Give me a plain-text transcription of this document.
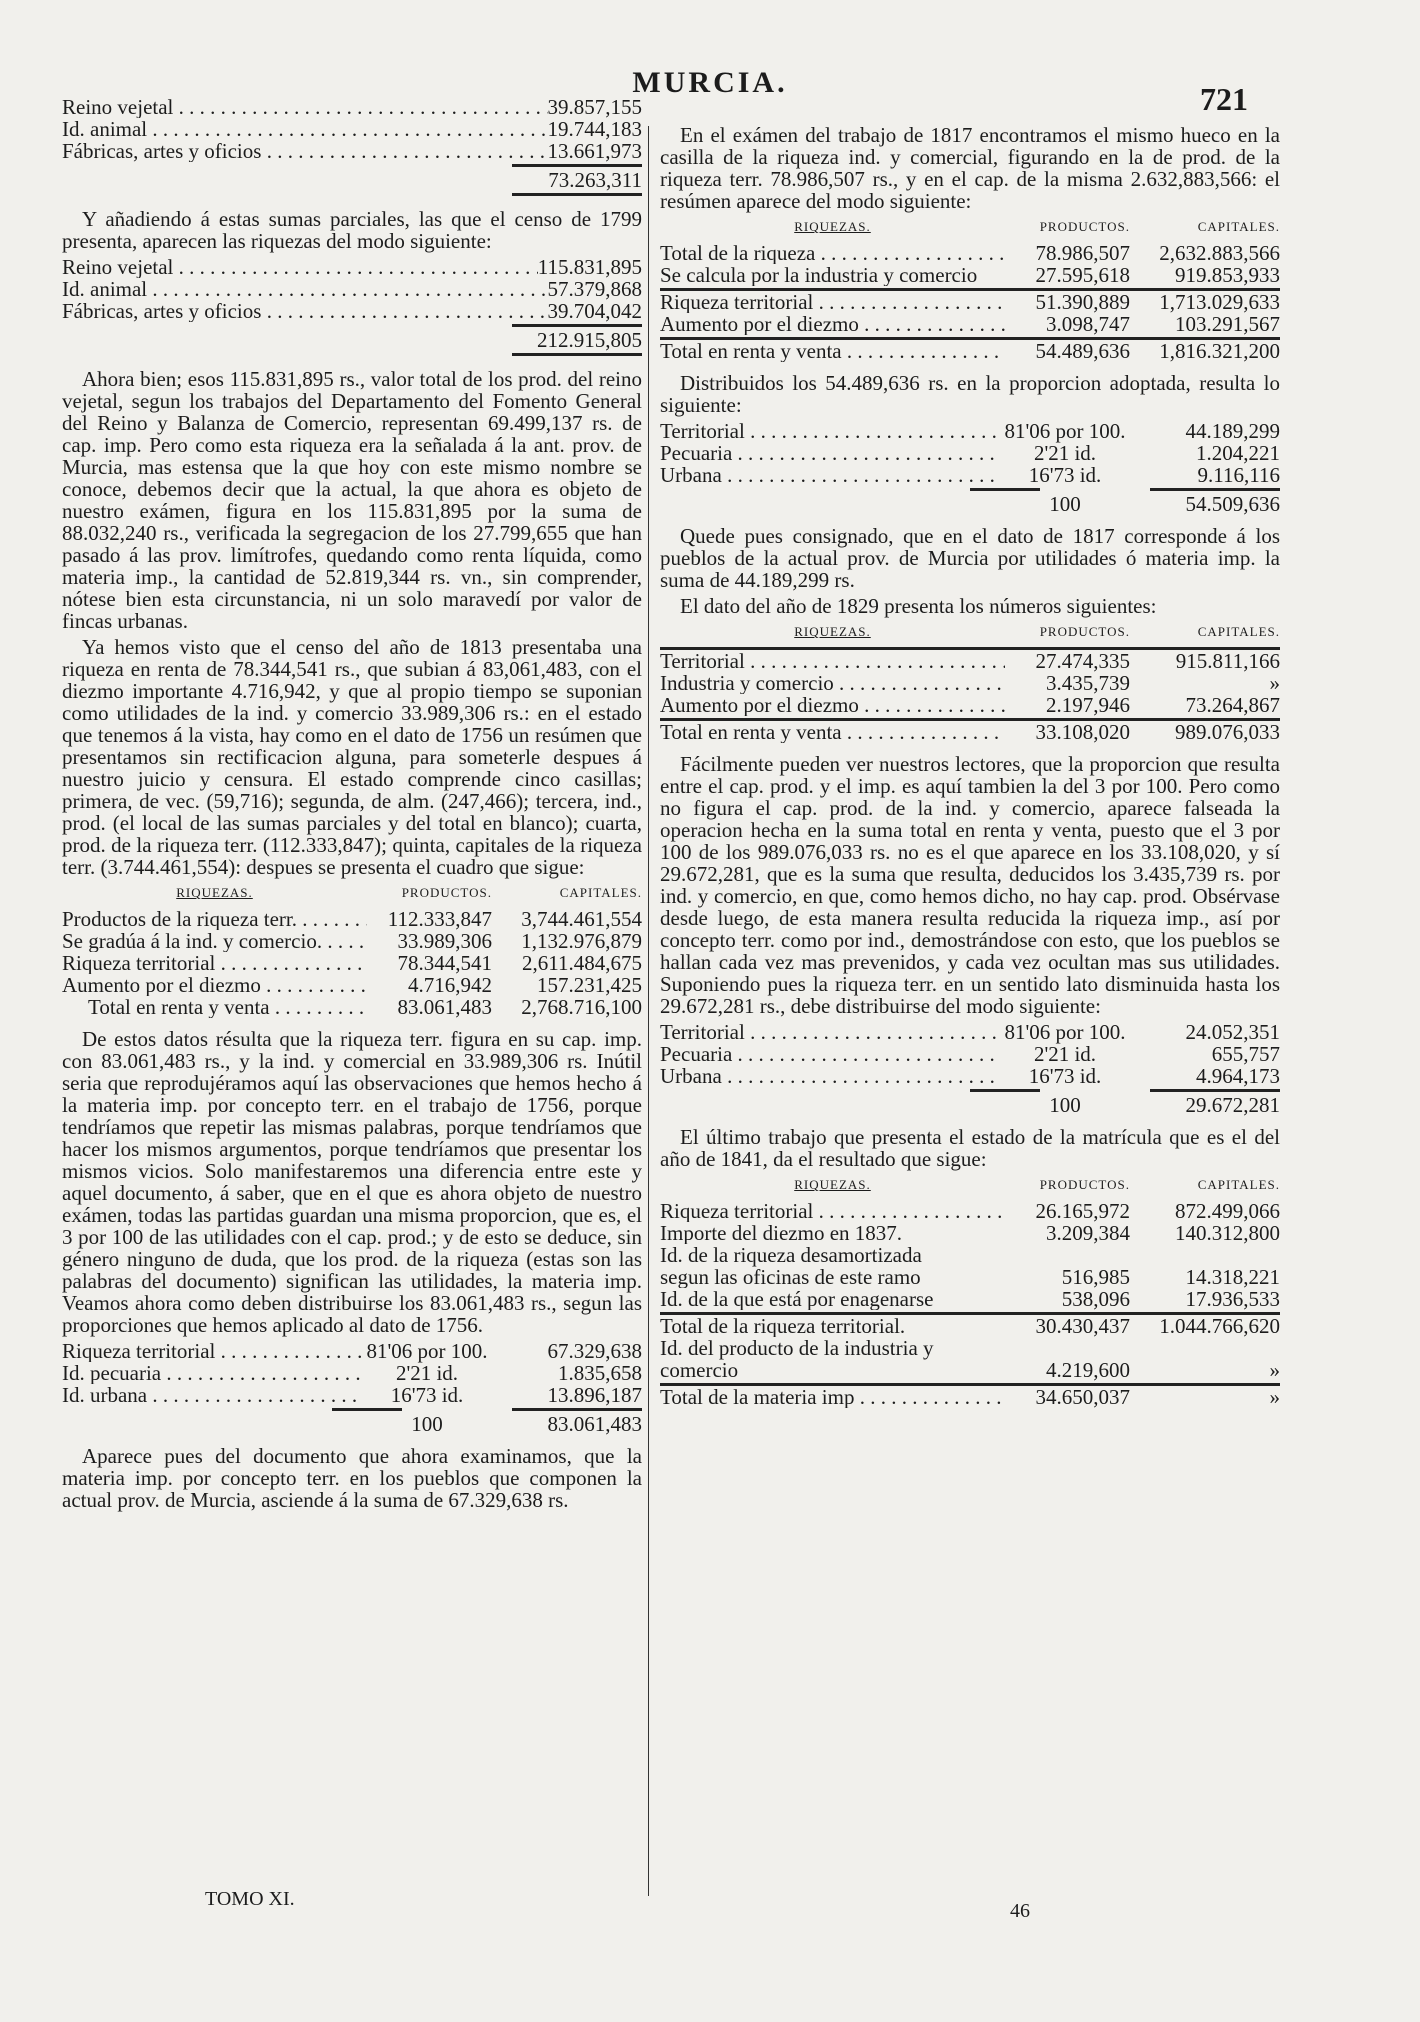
MURCIA.	721
Reino vejetal . . .	39.857,155
Id. animal . . .	19.744,183
Fábricas, artes y oficios . . .	13.661,973
73.263,311

Y añadiendo á estas sumas parciales, las que el censo de 1799 presenta, aparecen las riquezas del modo siguiente:

Reino vejetal . . .	115.831,895
Id. animal . . .	57.379,868
Fábricas, artes y oficios . . .	39.704,042
212.915,805

Ahora bien; esos 115.831,895 rs., valor total de los prod. del reino vejetal, segun los trabajos del Departamento del Fomento General del Reino y Balanza de Comercio, representan 69.499,137 rs. de cap. imp. Pero como esta riqueza era la señalada á la ant. prov. de Murcia, mas estensa que la que hoy con este mismo nombre se conoce, debemos decir que la actual, la que ahora es objeto de nuestro exámen, figura en los 115.831,895 por la suma de 88.032,240 rs., verificada la segregacion de los 27.799,655 que han pasado á las prov. limítrofes, quedando como renta líquida, como materia imp., la cantidad de 52.819,344 rs. vn., sin comprender, nótese bien esta circunstancia, ni un solo maravedí por valor de fincas urbanas.

Ya hemos visto que el censo del año de 1813 presentaba una riqueza en renta de 78.344,541 rs., que subian á 83,061,483, con el diezmo importante 4.716,942, y que al propio tiempo se suponian como utilidades de la ind. y comercio 33.989,306 rs.: en el estado que tenemos á la vista, hay como en el dato de 1756 un resúmen que presentamos sin rectificacion alguna, para someterle despues á nuestro juicio y censura. El estado comprende cinco casillas; primera, de vec. (59,716); segunda, de alm. (247,466); tercera, ind., prod. (el local de las sumas parciales y del total en blanco); cuarta, prod. de la riqueza terr. (112.333,847); quinta, capitales de la riqueza terr. (3.744.461,554): despues se presenta el cuadro que sigue:

RIQUEZAS.	PRODUCTOS.	CAPITALES.
Productos de la riqueza terr. . . .	112.333,847	3,744.461,554
Se gradúa á la ind. y comercio. . . .	33.989,306	1,132.976,879
Riqueza territorial . . .	78.344,541	2,611.484,675
Aumento por el diezmo . . .	4.716,942	157.231,425
Total en renta y venta . . .	83.061,483	2,768.716,100

De estos datos résulta que la riqueza terr. figura en su cap. imp. con 83.061,483 rs., y la ind. y comercial en 33.989,306 rs. Inútil seria que reprodujéramos aquí las observaciones que hemos hecho á la materia imp. por concepto terr. en el trabajo de 1756, porque tendríamos que repetir las mismas palabras, porque tendríamos que hacer los mismos argumentos, porque tendríamos que presentar los mismos vicios. Solo manifestaremos una diferencia entre este y aquel documento, á saber, que en el que es ahora objeto de nuestro exámen, todas las partidas guardan una misma proporcion, que es, el 3 por 100 de las utilidades con el cap. prod.; y de esto se deduce, sin género ninguno de duda, que los prod. de la riqueza (estas son las palabras del documento) significan las utilidades, la materia imp. Veamos ahora como deben distribuirse los 83.061,483 rs., segun las proporciones que hemos aplicado al dato de 1756.

Riqueza territorial . . .	81'06 por 100.	67.329,638
Id. pecuaria . . .	2'21 id.	1.835,658
Id. urbana . . .	16'73 id.	13.896,187
100	83.061,483

Aparece pues del documento que ahora examinamos, que la materia imp. por concepto terr. en los pueblos que componen la actual prov. de Murcia, asciende á la suma de 67.329,638 rs.

En el exámen del trabajo de 1817 encontramos el mismo hueco en la casilla de la riqueza ind. y comercial, figurando en la de prod. de la riqueza terr. 78.986,507 rs., y en el cap. de la misma 2.632,883,566: el resúmen aparece del modo siguiente:

RIQUEZAS.	PRODUCTOS.	CAPITALES.
Total de la riqueza . . .	78.986,507	2,632.883,566
Se calcula por la industria y comercio	27.595,618	919.853,933
Riqueza territorial . . .	51.390,889	1,713.029,633
Aumento por el diezmo . . .	3.098,747	103.291,567
Total en renta y venta . . .	54.489,636	1,816.321,200

Distribuidos los 54.489,636 rs. en la proporcion adoptada, resulta lo siguiente:

Territorial . . .	81'06 por 100.	44.189,299
Pecuaria . . .	2'21 id.	1.204,221
Urbana . . .	16'73 id.	9.116,116
100	54.509,636

Quede pues consignado, que en el dato de 1817 corresponde á los pueblos de la actual prov. de Murcia por utilidades ó materia imp. la suma de 44.189,299 rs.

El dato del año de 1829 presenta los números siguientes:

RIQUEZAS.	PRODUCTOS.	CAPITALES.
Territorial . . .	27.474,335	915.811,166
Industria y comercio . . .	3.435,739	»
Aumento por el diezmo . . .	2.197,946	73.264,867
Total en renta y venta . . .	33.108,020	989.076,033

Fácilmente pueden ver nuestros lectores, que la proporcion que resulta entre el cap. prod. y el imp. es aquí tambien la del 3 por 100. Pero como no figura el cap. prod. de la ind. y comercio, aparece falseada la operacion hecha en la suma total en renta y venta, puesto que el 3 por 100 de los 989.076,033 rs. no es el que aparece en los 33.108,020, y sí 29.672,281, que es la suma que resulta, deducidos los 3.435,739 rs. por ind. y comercio, en que, como hemos dicho, no hay cap. prod. Obsérvase desde luego, de esta manera resulta reducida la riqueza imp., así por concepto terr. como por ind., demostrándose con esto, que los pueblos se hallan cada vez mas prevenidos, y cada vez ocultan mas sus utilidades. Suponiendo pues la riqueza terr. en un sentido lato disminuida hasta los 29.672,281 rs., debe distribuirse del modo siguiente:

Territorial . . .	81'06 por 100.	24.052,351
Pecuaria . . .	2'21 id.	655,757
Urbana . . .	16'73 id.	4.964,173
100	29.672,281

El último trabajo que presenta el estado de la matrícula que es el del año de 1841, da el resultado que sigue:

RIQUEZAS.	PRODUCTOS.	CAPITALES.
Riqueza territorial . . .	26.165,972	872.499,066
Importe del diezmo en 1837.	3.209,384	140.312,800
Id. de la riqueza desamortizada segun las oficinas de este ramo	516,985	14.318,221
Id. de la que está por enagenarse	538,096	17.936,533
Total de la riqueza territorial.	30.430,437	1.044.766,620
Id. del producto de la industria y comercio	4.219,600	»
Total de la materia imp . . .	34.650,037	»
TOMO XI.
46
